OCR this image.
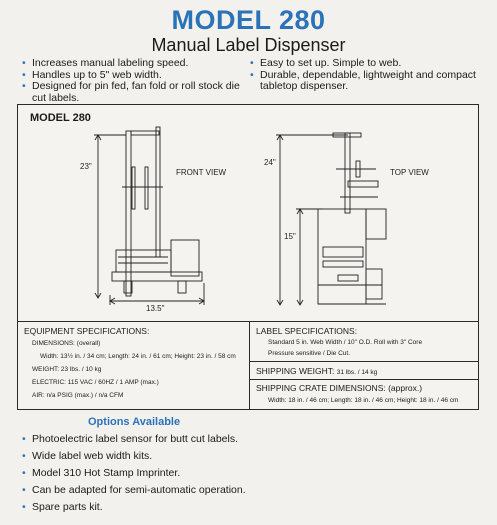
MODEL 280
Manual Label Dispenser
• Increases manual labeling speed.
• Handles up to 5" web width.
• Designed for pin fed, fan fold or roll stock die cut labels.
• Easy to set up. Simple to web.
• Durable, dependable, lightweight and compact tabletop dispenser.
MODEL 280
FRONT VIEW	TOP VIEW
23"
13.5"
24"
15"
EQUIPMENT SPECIFICATIONS:
DIMENSIONS: (overall)
Width: 13½ in. / 34 cm; Length: 24 in. / 61 cm; Height: 23 in. / 58 cm
WEIGHT: 23 lbs. / 10 kg
ELECTRIC: 115 VAC / 60HZ / 1 AMP (max.)
AIR: n/a PSIG (max.) / n/a CFM
LABEL SPECIFICATIONS:
Standard 5 in. Web Width / 10" O.D. Roll with 3" Core
Pressure sensitive / Die Cut.
SHIPPING WEIGHT: 31 lbs. / 14 kg
SHIPPING CRATE DIMENSIONS: (approx.)
Width: 18 in. / 46 cm; Length: 18 in. / 46 cm; Height: 18 in. / 46 cm
Options Available
• Photoelectric label sensor for butt cut labels.
• Wide label web width kits.
• Model 310 Hot Stamp Imprinter.
• Can be adapted for semi-automatic operation.
• Spare parts kit.
